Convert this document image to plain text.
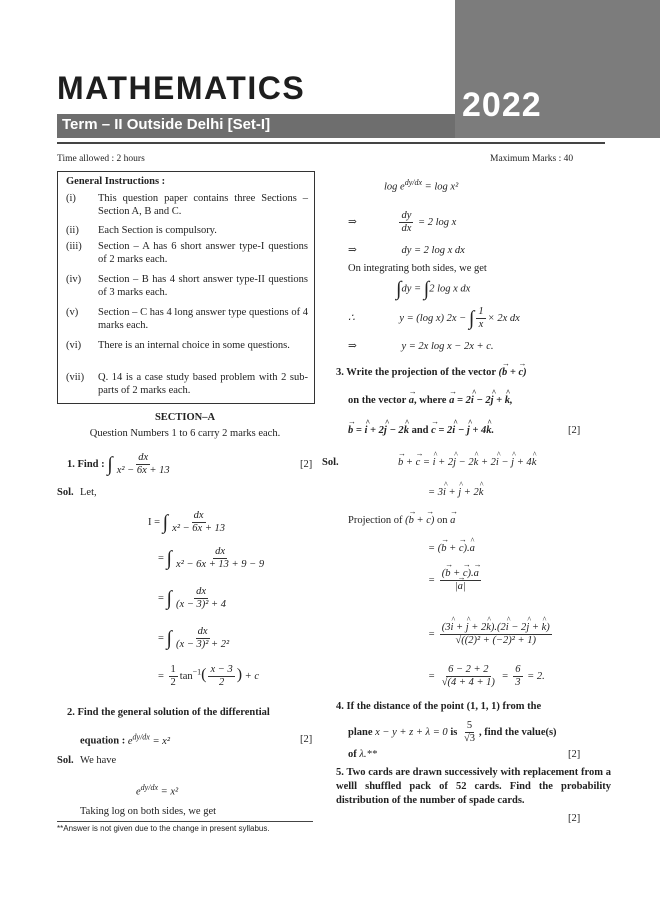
2022
MATHEMATICS
Term – II Outside Delhi [Set-I]
Time allowed : 2 hours	Maximum Marks : 40
General Instructions :
(i)	This question paper contains three Sections – Section A, B and C.
(ii)	Each Section is compulsory.
(iii)	Section – A has 6 short answer type-I questions of 2 marks each.
(iv)	Section – B has 4 short answer type-II questions of 3 marks each.
(v)	Section – C has 4 long answer type questions of 4 marks each.
(vi)	There is an internal choice in some questions.
(vii)	Q. 14 is a case study based problem with 2 sub-parts of 2 marks each.
SECTION–A
Question Numbers 1 to 6 carry 2 marks each.
1. Find : ∫ $\frac{dx}{\text{x² − 6x + 13}}$	[2]
Sol. Let,
I = ∫ $\frac{dx}{\text{x² − 6x + 13}}$
= ∫ $\frac{dx}{\text{x² − 6x + 13 + 9 − 9}}$
= ∫ $\frac{dx}{\text{(x − 3)² + 4}}$
= ∫ $\frac{dx}{\text{(x − 3)² + 2²}}$
= $\frac{1}{2} \tan^{-1}( \frac{x - 3}{2}$ ) + c
2. Find the general solution of the differential
equation : $e^{dy/dx} = x^2$	[2]
Sol. We have
$e^{dy/dx} = x^2$
Taking log on both sides, we get
**Answer is not given due to the change in present syllabus.
$\log e^{dy/dx} = \log x^2$
⇒	$\frac{dy}{dx} = 2$ log x
⇒	dy = 2 log x dx
On integrating both sides, we get
∫dy = ∫2 log x dx
∴	y = (log x) 2x − ∫ $\frac{1}{x} \times 2x$ dx
⇒	y = 2x log x − 2x + c.
3. Write the projection of the vector (→ b + → c)
on the vector → a, where → a = 2^ i − 2^ j + ^ k,
→ b = ^ i + 2^ j − 2^ k and → c = 2^ i − ^ j + 4^ k.	[2]
Sol.	→ b + → c = ^ i + 2^ j − 2^ k + 2^ i − ^ j + 4^ k
= 3^ i + ^ j + 2^ k
Projection of (→ b + → c) on → a
= (→ b + → c).^ a
= $\frac{(\to b + \to c).\to a}{|\to a|}$
= $\frac{(3\^{} i + \^{} j + 2\^{} k).(2\^{} i - 2\^{} j + \^{} k)}{\text{√((2)² + (−2)² + 1)}}$
= $\frac{6 - 2 + 2}{√(4 + 4 + 1)} = \frac{6}{3} = 2$.
4. If the distance of the point (1, 1, 1) from the
plane x − y + z + λ = 0 is $\frac{5}{√3}$ , find the value(s)
of λ.**	[2]
5. Two cards are drawn successively with replacement from a welll shuffled pack of 52 cards. Find the probability distribution of the number of spade cards.
[2]
